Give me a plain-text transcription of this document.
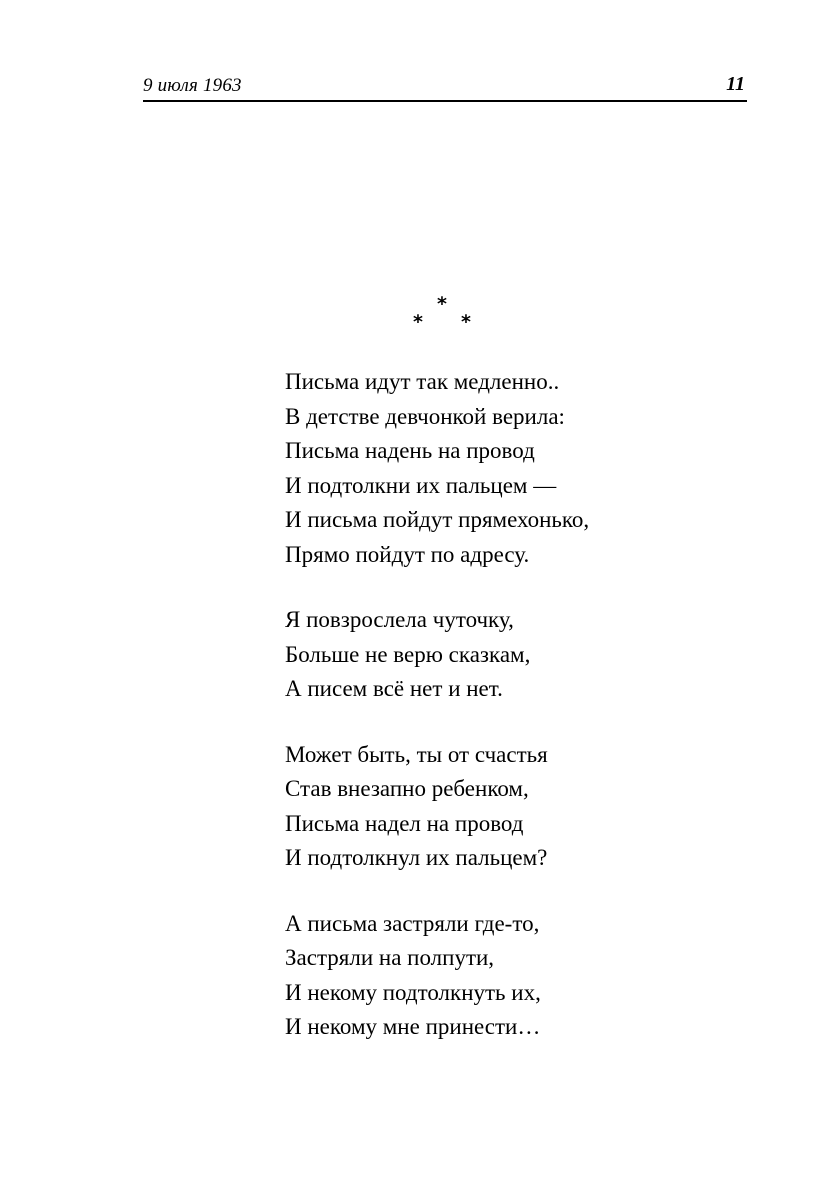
9 июля 1963	11
*
* *
Письма идут так медленно..
В детстве девчонкой верила:
Письма надень на провод
И подтолкни их пальцем —
И письма пойдут прямехонько,
Прямо пойдут по адресу.
Я повзрослела чуточку,
Больше не верю сказкам,
А писем всё нет и нет.
Может быть, ты от счастья
Став внезапно ребенком,
Письма надел на провод
И подтолкнул их пальцем?
А письма застряли где-то,
Застряли на полпути,
И некому подтолкнуть их,
И некому мне принести…
